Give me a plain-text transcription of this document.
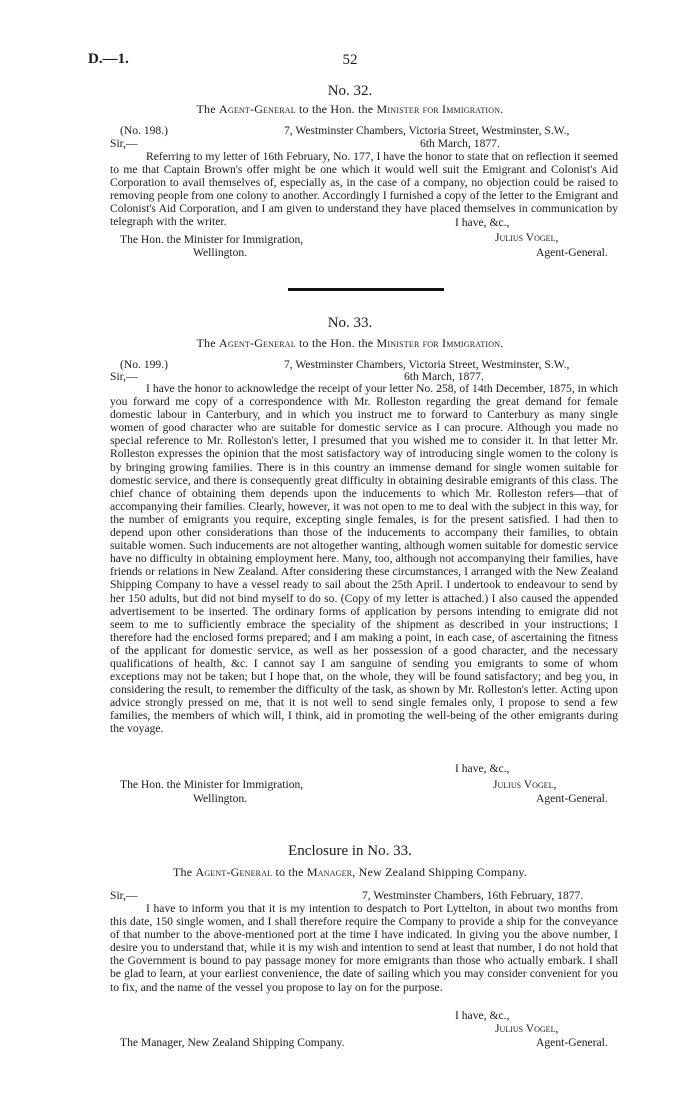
D.—1.	52
No. 32.
The Agent-General to the Hon. the Minister for Immigration.
(No. 198.)	7, Westminster Chambers, Victoria Street, Westminster, S.W.,
Sir,—	6th March, 1877.
Referring to my letter of 16th February, No. 177, I have the honor to state that on reflection it seemed to me that Captain Brown's offer might be one which it would well suit the Emigrant and Colonist's Aid Corporation to avail themselves of, especially as, in the case of a company, no objection could be raised to removing people from one colony to another. Accordingly I furnished a copy of the letter to the Emigrant and Colonist's Aid Corporation, and I am given to understand they have placed themselves in communication by telegraph with the writer.	I have, &c.,
The Hon. the Minister for Immigration,	Julius Vogel,
Wellington.	Agent-General.
No. 33.
The Agent-General to the Hon. the Minister for Immigration.
(No. 199.)	7, Westminster Chambers, Victoria Street, Westminster, S.W.,
Sir,—	6th March, 1877.
I have the honor to acknowledge the receipt of your letter No. 258, of 14th December, 1875, in which you forward me copy of a correspondence with Mr. Rolleston regarding the great demand for female domestic labour in Canterbury, and in which you instruct me to forward to Canterbury as many single women of good character who are suitable for domestic service as I can procure. Although you made no special reference to Mr. Rolleston's letter, I presumed that you wished me to consider it. In that letter Mr. Rolleston expresses the opinion that the most satisfactory way of introducing single women to the colony is by bringing growing families. There is in this country an immense demand for single women suitable for domestic service, and there is consequently great difficulty in obtaining desirable emigrants of this class. The chief chance of obtaining them depends upon the inducements to which Mr. Rolleston refers—that of accompanying their families. Clearly, however, it was not open to me to deal with the subject in this way, for the number of emigrants you require, excepting single females, is for the present satisfied. I had then to depend upon other considerations than those of the inducements to accompany their families, to obtain suitable women. Such inducements are not altogether wanting, although women suitable for domestic service have no difficulty in obtaining employment here. Many, too, although not accompanying their families, have friends or relations in New Zealand. After considering these circumstances, I arranged with the New Zealand Shipping Company to have a vessel ready to sail about the 25th April. I undertook to endeavour to send by her 150 adults, but did not bind myself to do so. (Copy of my letter is attached.) I also caused the appended advertisement to be inserted. The ordinary forms of application by persons intending to emigrate did not seem to me to sufficiently embrace the speciality of the shipment as described in your instructions; I therefore had the enclosed forms prepared; and I am making a point, in each case, of ascertaining the fitness of the applicant for domestic service, as well as her possession of a good character, and the necessary qualifications of health, &c. I cannot say I am sanguine of sending you emigrants to some of whom exceptions may not be taken; but I hope that, on the whole, they will be found satisfactory; and beg you, in considering the result, to remember the difficulty of the task, as shown by Mr. Rolleston's letter. Acting upon advice strongly pressed on me, that it is not well to send single females only, I propose to send a few families, the members of which will, I think, aid in promoting the well-being of the other emigrants during the voyage.
I have, &c.,
The Hon. the Minister for Immigration,	Julius Vogel,
Wellington.	Agent-General.
Enclosure in No. 33.
The Agent-General to the Manager, New Zealand Shipping Company.
Sir,—	7, Westminster Chambers, 16th February, 1877.
I have to inform you that it is my intention to despatch to Port Lyttelton, in about two months from this date, 150 single women, and I shall therefore require the Company to provide a ship for the conveyance of that number to the above-mentioned port at the time I have indicated. In giving you the above number, I desire you to understand that, while it is my wish and intention to send at least that number, I do not hold that the Government is bound to pay passage money for more emigrants than those who actually embark. I shall be glad to learn, at your earliest convenience, the date of sailing which you may consider convenient for you to fix, and the name of the vessel you propose to lay on for the purpose.
I have, &c.,
Julius Vogel,
The Manager, New Zealand Shipping Company.	Agent-General.
